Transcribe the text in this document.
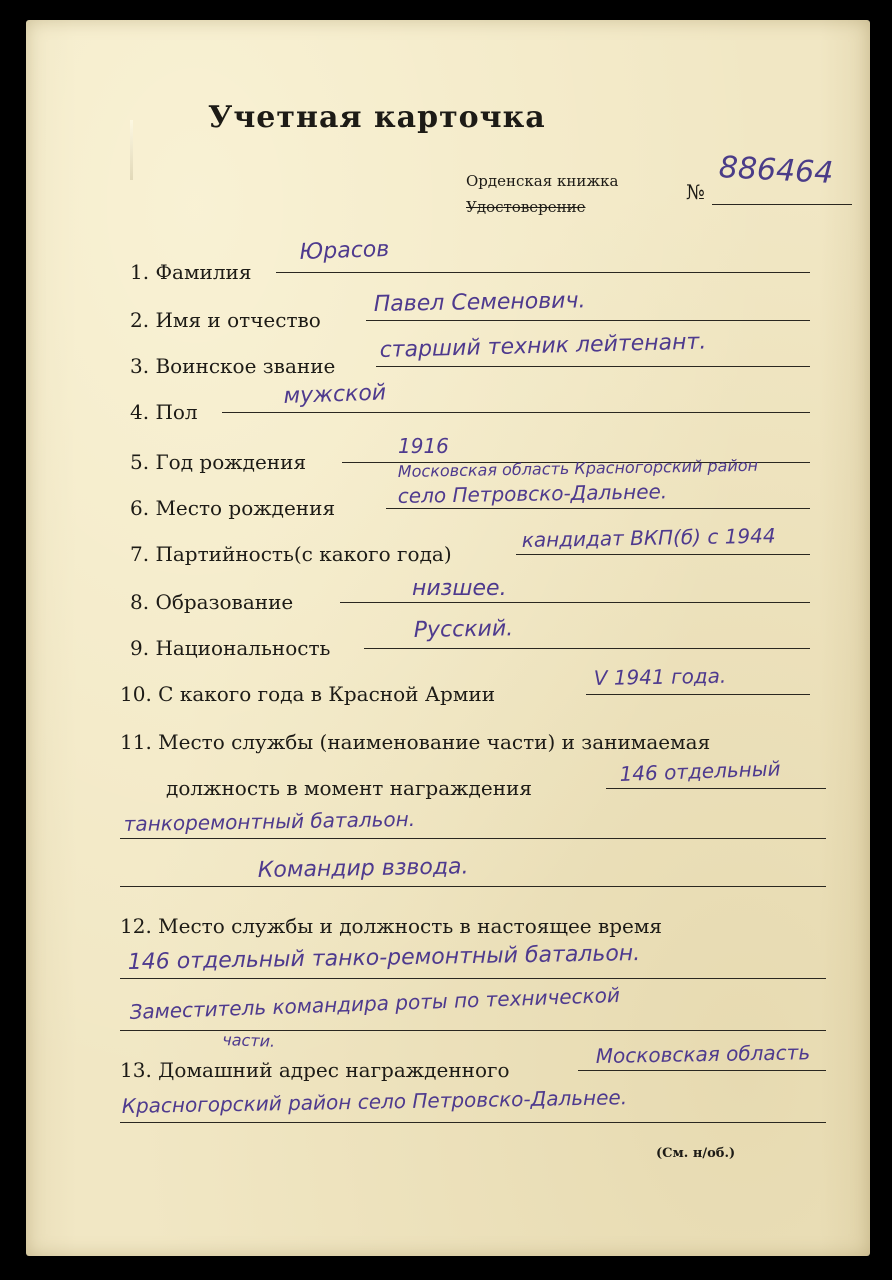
Учетная карточка
Орденская книжка
Удостоверение
№
886464
1. Фамилия
Юрасов
2. Имя и отчество
Павел Семенович.
3. Воинское звание
старший техник лейтенант.
4. Пол
мужской
5. Год рождения
1916
6. Место рождения
Московская область Красногорский район
село Петровско-Дальнее.
7. Партийность(с какого года)
кандидат ВКП(б) с 1944
8. Образование
низшее.
9. Национальность
Русский.
10. С какого года в Красной Армии
V 1941 года.
11. Место службы (наименование части) и занимаемая
должность в момент награждения
146 отдельный
танкоремонтный батальон.
Командир взвода.
12. Место службы и должность в настоящее время
146 отдельный танко-ремонтный батальон.
Заместитель командира роты по технической
части.
13. Домашний адрес награжденного
Московская область
Красногорский район село Петровско-Дальнее.
(См. н/об.)
